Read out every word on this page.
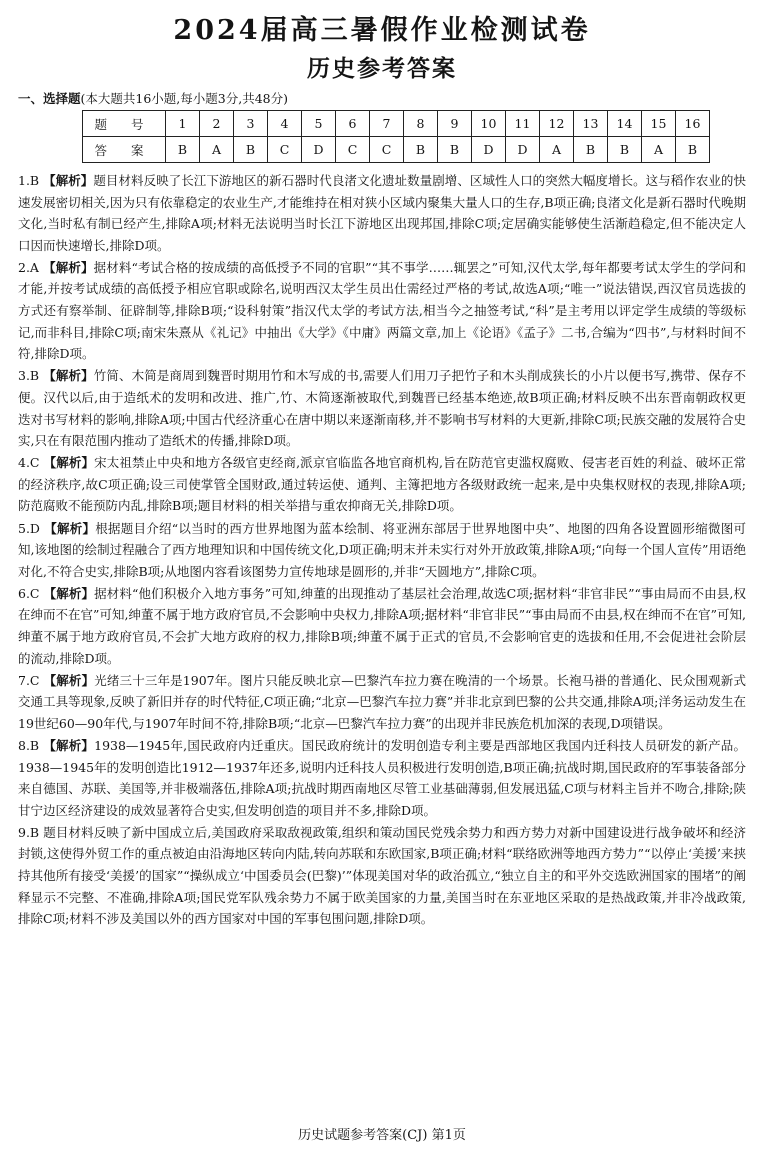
2024届高三暑假作业检测试卷
历史参考答案
一、选择题(本大题共16小题,每小题3分,共48分)
题 号	1	2	3	4	5	6	7	8	9	10	11	12	13	14	15	16
答 案	B	A	B	C	D	C	C	B	B	D	D	A	B	B	A	B

1.B 【解析】题目材料反映了长江下游地区的新石器时代良渚文化遗址数量剧增、区域性人口的突然大幅度增长。这与稻作农业的快速发展密切相关,因为只有依靠稳定的农业生产,才能维持在相对狭小区域内聚集大量人口的生存,B项正确;良渚文化是新石器时代晚期文化,当时私有制已经产生,排除A项;材料无法说明当时长江下游地区出现邦国,排除C项;定居确实能够使生活渐趋稳定,但不能决定人口因而快速增长,排除D项。

2.A 【解析】据材料“考试合格的按成绩的高低授予不同的官职”“其不事学……辄罢之”可知,汉代太学,每年都要考试太学生的学问和才能,并按考试成绩的高低授予相应官职或除名,说明西汉太学生员出仕需经过严格的考试,故选A项;“唯一”说法错误,西汉官员选拔的方式还有察举制、征辟制等,排除B项;“设科射策”指汉代太学的考试方法,相当今之抽签考试,“科”是主考用以评定学生成绩的等级标记,而非科目,排除C项;南宋朱熹从《礼记》中抽出《大学》《中庸》两篇文章,加上《论语》《孟子》二书,合编为“四书”,与材料时间不符,排除D项。

3.B 【解析】竹简、木简是商周到魏晋时期用竹和木写成的书,需要人们用刀子把竹子和木头削成狭长的小片以便书写,携带、保存不便。汉代以后,由于造纸术的发明和改进、推广,竹、木简逐渐被取代,到魏晋已经基本绝迹,故B项正确;材料反映不出东晋南朝政权更迭对书写材料的影响,排除A项;中国古代经济重心在唐中期以来逐渐南移,并不影响书写材料的大更新,排除C项;民族交融的发展符合史实,只在有限范围内推动了造纸术的传播,排除D项。

4.C 【解析】宋太祖禁止中央和地方各级官吏经商,派京官临监各地官商机构,旨在防范官吏滥权腐败、侵害老百姓的利益、破坏正常的经济秩序,故C项正确;设三司使掌管全国财政,通过转运使、通判、主簿把地方各级财政统一起来,是中央集权财权的表现,排除A项;防范腐败不能预防内乱,排除B项;题目材料的相关举措与重农抑商无关,排除D项。

5.D 【解析】根据题目介绍“以当时的西方世界地图为蓝本绘制、将亚洲东部居于世界地图中央”、地图的四角各设置圆形缩微图可知,该地图的绘制过程融合了西方地理知识和中国传统文化,D项正确;明末并未实行对外开放政策,排除A项;“向每一个国人宣传”用语绝对化,不符合史实,排除B项;从地图内容看该图势力宣传地球是圆形的,并非“天圆地方”,排除C项。

6.C 【解析】据材料“他们积极介入地方事务”可知,绅董的出现推动了基层社会治理,故选C项;据材料“非官非民”“事由局而不由县,权在绅而不在官”可知,绅董不属于地方政府官员,不会影响中央权力,排除A项;据材料“非官非民”“事由局而不由县,权在绅而不在官”可知,绅董不属于地方政府官员,不会扩大地方政府的权力,排除B项;绅董不属于正式的官员,不会影响官吏的选拔和任用,不会促进社会阶层的流动,排除D项。

7.C 【解析】光绪三十三年是1907年。图片只能反映北京—巴黎汽车拉力赛在晚清的一个场景。长袍马褂的普通化、民众围观新式交通工具等现象,反映了新旧并存的时代特征,C项正确;“北京—巴黎汽车拉力赛”并非北京到巴黎的公共交通,排除A项;洋务运动发生在19世纪60—90年代,与1907年时间不符,排除B项;“北京—巴黎汽车拉力赛”的出现并非民族危机加深的表现,D项错误。

8.B 【解析】1938—1945年,国民政府内迁重庆。国民政府统计的发明创造专利主要是西部地区我国内迁科技人员研发的新产品。1938—1945年的发明创造比1912—1937年还多,说明内迁科技人员积极进行发明创造,B项正确;抗战时期,国民政府的军事装备部分来自德国、苏联、美国等,并非极端落伍,排除A项;抗战时期西南地区尽管工业基础薄弱,但发展迅猛,C项与材料主旨并不吻合,排除;陕甘宁边区经济建设的成效显著符合史实,但发明创造的项目并不多,排除D项。

9.B 题目材料反映了新中国成立后,美国政府采取敌视政策,组织和策动国民党残余势力和西方势力对新中国建设进行战争破坏和经济封锁,这使得外贸工作的重点被迫由沿海地区转向内陆,转向苏联和东欧国家,B项正确;材料“联络欧洲等地西方势力”“以停止‘美援’来挟持其他所有接受‘美援’的国家”“操纵成立‘中国委员会(巴黎)’”体现美国对华的政治孤立,“独立自主的和平外交选欧洲国家的围堵”的阐释显示不完整、不准确,排除A项;国民党军队残余势力不属于欧美国家的力量,美国当时在东亚地区采取的是热战政策,并非冷战政策,排除C项;材料不涉及美国以外的西方国家对中国的军事包围问题,排除D项。

历史试题参考答案(CJ) 第1页
